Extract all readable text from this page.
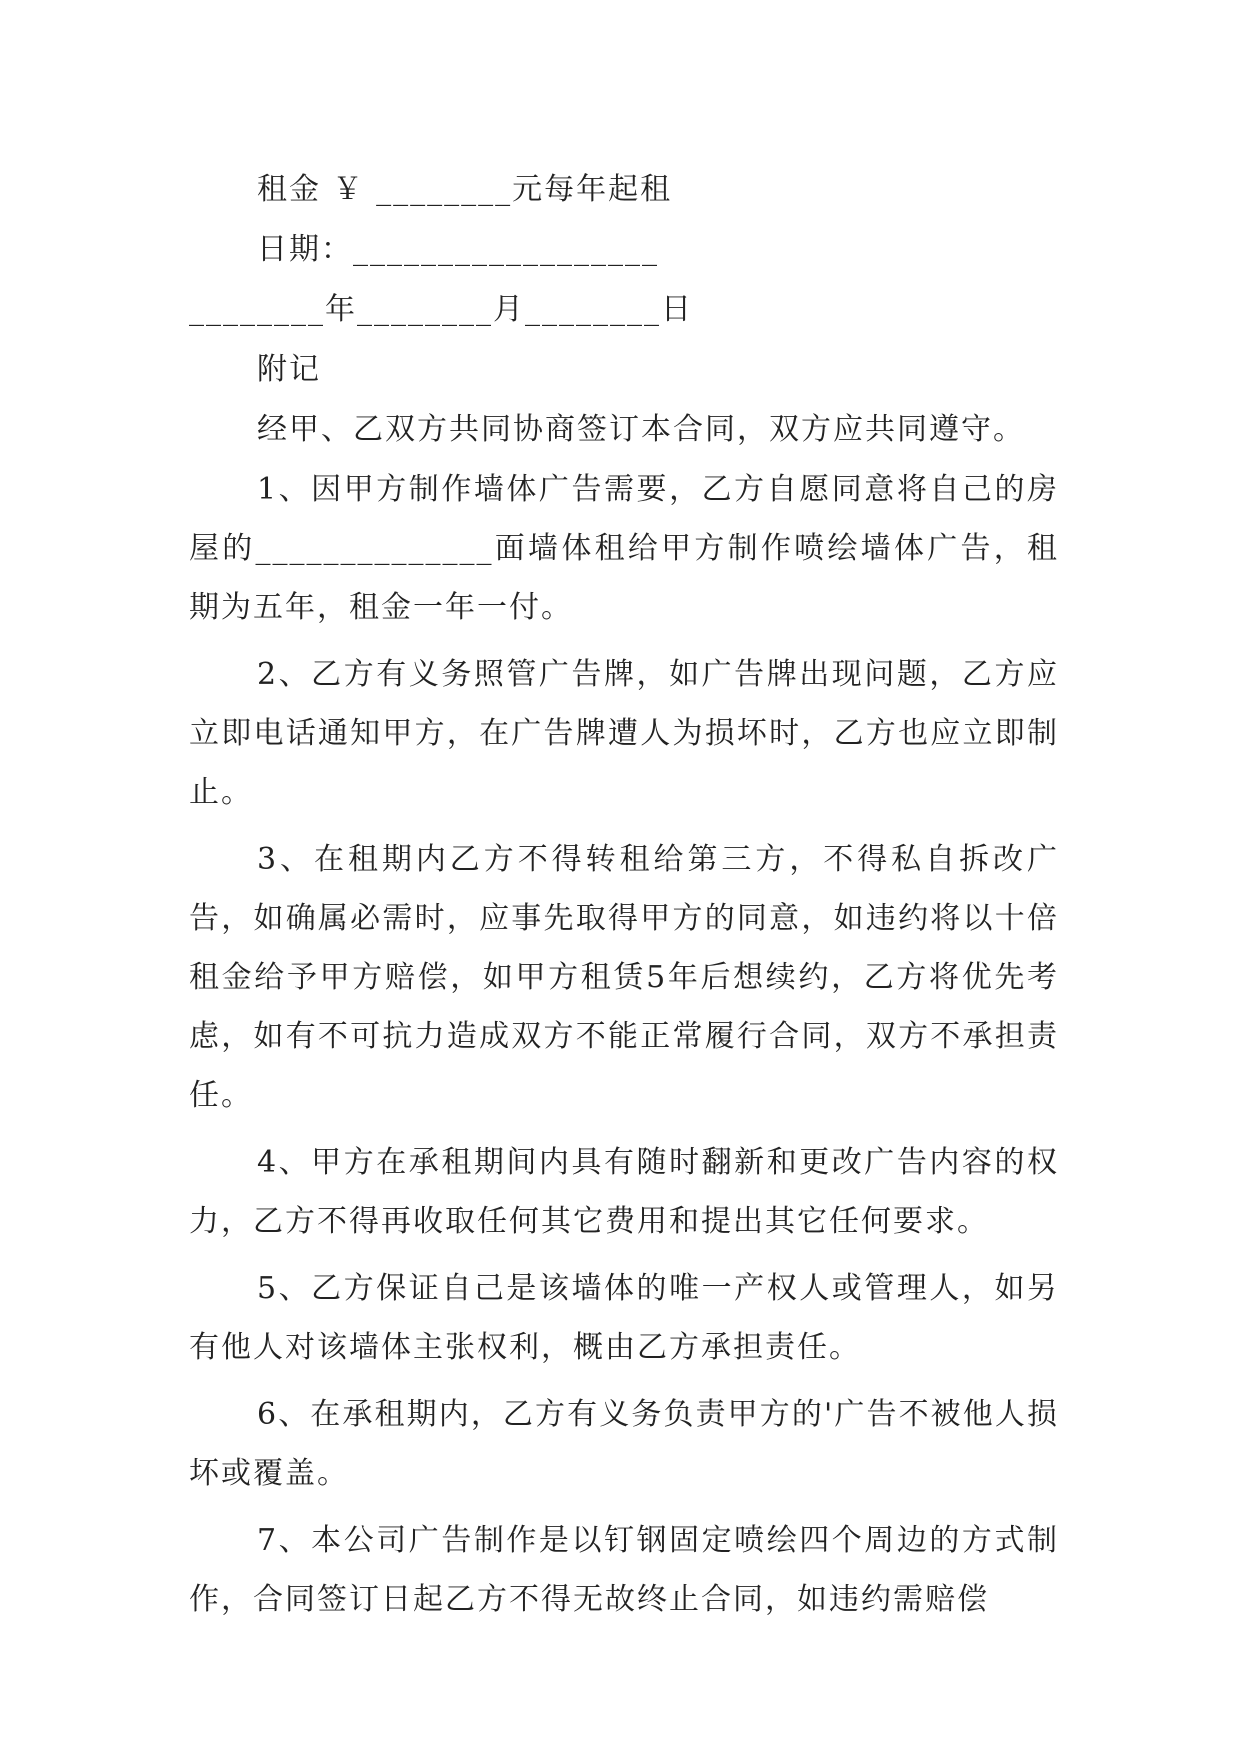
租金 ￥ ________元每年起租
日期：__________________
________年________月________日
附记
经甲、乙双方共同协商签订本合同，双方应共同遵守。

1、因甲方制作墙体广告需要，乙方自愿同意将自己的房屋的______________面墙体租给甲方制作喷绘墙体广告，租期为五年，租金一年一付。

2、乙方有义务照管广告牌，如广告牌出现问题，乙方应立即电话通知甲方，在广告牌遭人为损坏时，乙方也应立即制止。

3、在租期内乙方不得转租给第三方，不得私自拆改广告，如确属必需时，应事先取得甲方的同意，如违约将以十倍租金给予甲方赔偿，如甲方租赁5年后想续约，乙方将优先考虑，如有不可抗力造成双方不能正常履行合同，双方不承担责任。

4、甲方在承租期间内具有随时翻新和更改广告内容的权力，乙方不得再收取任何其它费用和提出其它任何要求。

5、乙方保证自己是该墙体的唯一产权人或管理人，如另有他人对该墙体主张权利，概由乙方承担责任。

6、在承租期内，乙方有义务负责甲方的'广告不被他人损坏或覆盖。

7、本公司广告制作是以钉钢固定喷绘四个周边的方式制作，合同签订日起乙方不得无故终止合同，如违约需赔偿
